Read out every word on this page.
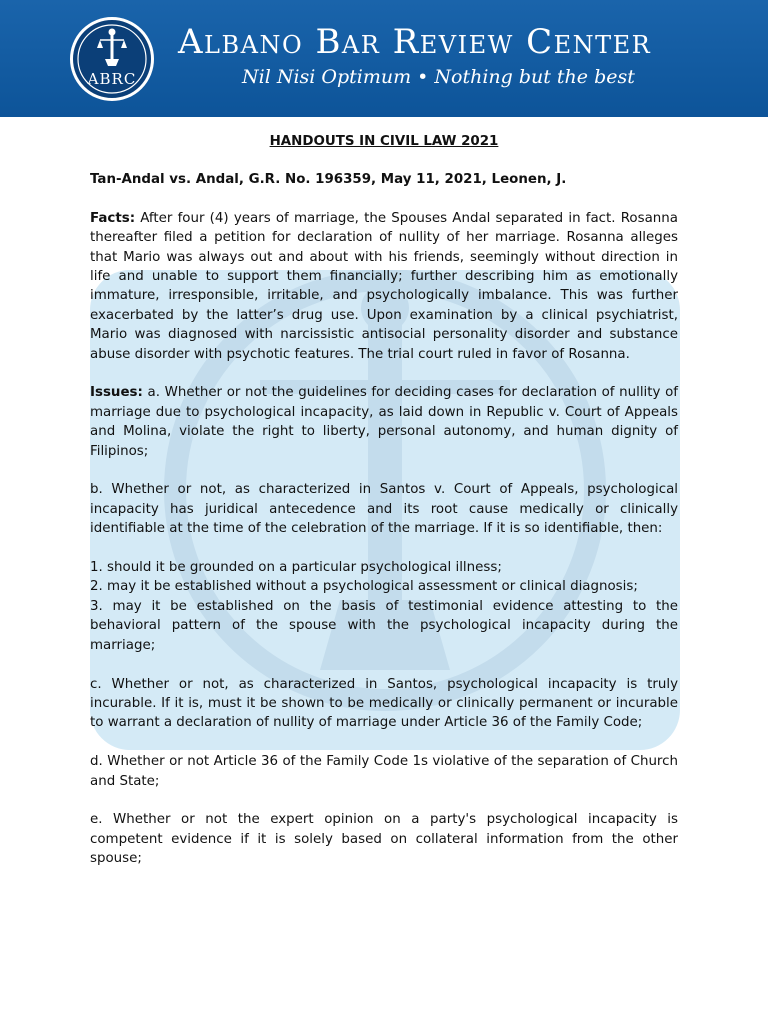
ABRC
Albano Bar Review Center
Nil Nisi Optimum • Nothing but the best
HANDOUTS IN CIVIL LAW 2021
Tan-Andal vs. Andal, G.R. No. 196359, May 11, 2021, Leonen, J.

Facts: After four (4) years of marriage, the Spouses Andal separated in fact. Rosanna thereafter filed a petition for declaration of nullity of her marriage. Rosanna alleges that Mario was always out and about with his friends, seemingly without direction in life and unable to support them financially; further describing him as emotionally immature, irresponsible, irritable, and psychologically imbalance. This was further exacerbated by the latter’s drug use. Upon examination by a clinical psychiatrist, Mario was diagnosed with narcissistic antisocial personality disorder and substance abuse disorder with psychotic features. The trial court ruled in favor of Rosanna.

Issues: a. Whether or not the guidelines for deciding cases for declaration of nullity of marriage due to psychological incapacity, as laid down in Republic v. Court of Appeals and Molina, violate the right to liberty, personal autonomy, and human dignity of Filipinos;

b. Whether or not, as characterized in Santos v. Court of Appeals, psychological incapacity has juridical antecedence and its root cause medically or clinically identifiable at the time of the celebration of the marriage. If it is so identifiable, then:

1. should it be grounded on a particular psychological illness;

2. may it be established without a psychological assessment or clinical diagnosis;

3. may it be established on the basis of testimonial evidence attesting to the behavioral pattern of the spouse with the psychological incapacity during the marriage;

c. Whether or not, as characterized in Santos, psychological incapacity is truly incurable. If it is, must it be shown to be medically or clinically permanent or incurable to warrant a declaration of nullity of marriage under Article 36 of the Family Code;

d. Whether or not Article 36 of the Family Code 1s violative of the separation of Church and State;

e. Whether or not the expert opinion on a party's psychological incapacity is competent evidence if it is solely based on collateral information from the other spouse;
